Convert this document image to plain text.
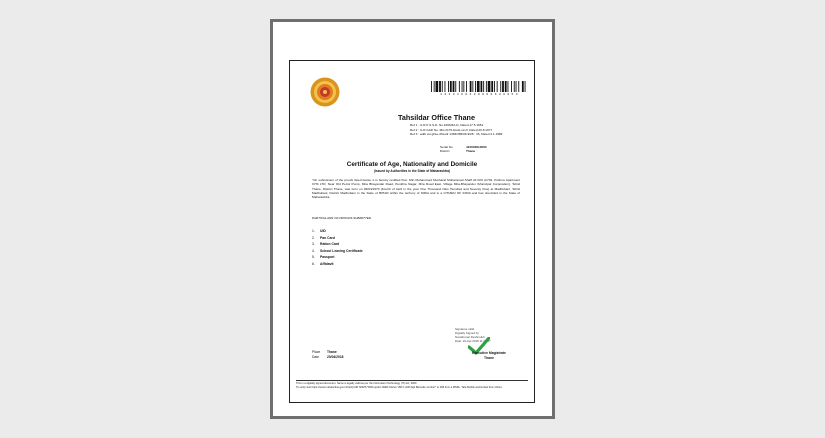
1 2 3 3 1 0 0 4 2 0 0 0 0 6 2 8 8 5 3
Tahsildar Office Thane
Ref 1 : G.R.P & S.D. No.1066/3A-D, Dated 17.5.1951
Ref 2 : G.R.GAD No. Mis.2176-Desk-xxxII, Dated 20.8.1977
Ref 3 : ad/b.ssr.gl/se-dhssdr 1363/365/06.9/28 : 33, Dated 2.1.1989
Serial No	410003010000
District	Thane
Certificate of Age, Nationality and Domicile
(Issued by Authorities in the State of Maharashtra)
"On submission of the proofs listed below, it is hereby certified that, Shri Mohammad Musharaf Mohammad Shaff Ali R/O A/704, Krishna Apartment CHS LTD, Near Old Petrol Pump, Mira Bhayandar Road, Penkhra Nagar, Mira Road East, Village Mira-Bhayander (Municipal Corporation), Tehsil Thane, District Thane, was born on 06/04/1970 (Fourth of April in the year One Thousand Nine Hundred and Seventy Five) at Madhubani, Tehsil Madhubani, District Madhubani in the State of BIHAR within the territory of INDIA and is a CITIZEN OF INDIA and has domiciled in the State of Maharashtra.
PARTICULARS OF PROOFS SUBMITTED
1. UID
2. Pan Card
3. Ration Card
4. School Leaving Certificate
5. Passport
6. Affidavit
Signature valid
Digitally Signed by
Nandkumar Deshmukh
Date: 20-Apr-2018 11:25:07
Executive Magistrate
Thane
Place Thane
Date 20/04/2018
This is a digitally signed document. Same is legally valid as per the Information Technology (IT) Act, 2000
To verify visit https://www.mahaonline.gov.in/Verify-DR SNMS.*RRA option ID&D:Citizen VRFY+DR digit Barcode number* to 168 from a MSRL. Tata Mobile and limited from others.
